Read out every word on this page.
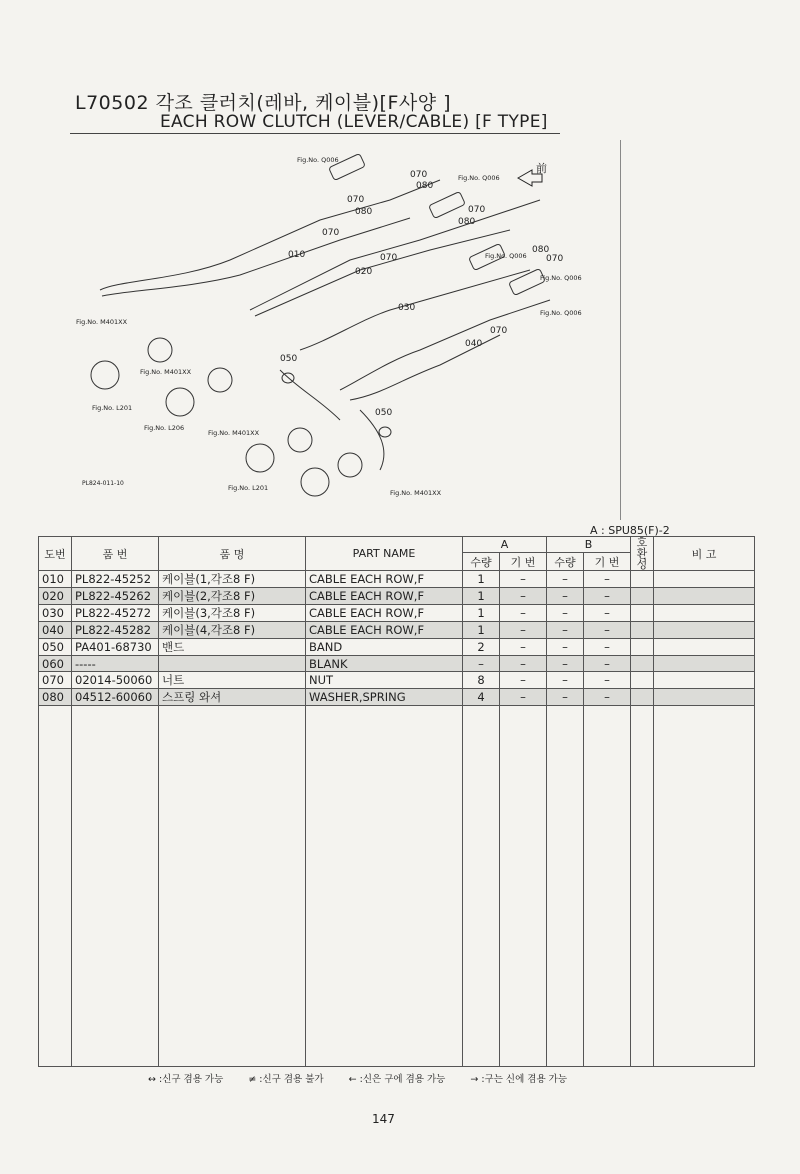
L70502 각조 클러치(레바, 케이블)[F사양 ]
EACH ROW CLUTCH (LEVER/CABLE) [F TYPE]
070
080
070
080
Fig.No. Q006
Fig.No. Q006
070
080
070
010
020
070
080
070
Fig.No. Q006
030
070
Fig.No. Q006
040
050
050
Fig.No. M401XX
Fig.No. M401XX
Fig.No. L201
Fig.No. L206
Fig.No. M401XX
Fig.No. L201
Fig.No. M401XX
Fig.No. Q006
前
PL824-011-10
A : SPU85(F)-2
도번	품 번	품 명	PART NAME	A		B		호환성	비 고
				수량	기 번	수량	기 번		
010	PL822-45252	케이블(1,각조8 F)	CABLE EACH ROW,F	1	–	–	–		
020	PL822-45262	케이블(2,각조8 F)	CABLE EACH ROW,F	1	–	–	–		
030	PL822-45272	케이블(3,각조8 F)	CABLE EACH ROW,F	1	–	–	–		
040	PL822-45282	케이블(4,각조8 F)	CABLE EACH ROW,F	1	–	–	–		
050	PA401-68730	밴드	BAND	2	–	–	–		
060	-----		BLANK	–	–	–	–		
070	02014-50060	너트	NUT	8	–	–	–		
080	04512-60060	스프링 와셔	WASHER,SPRING	4	–	–	–		

↔ :신구 겸용 가능	≠ :신구 겸용 불가	← :신은 구에 겸용 가능	→ :구는 신에 겸용 가능
147
